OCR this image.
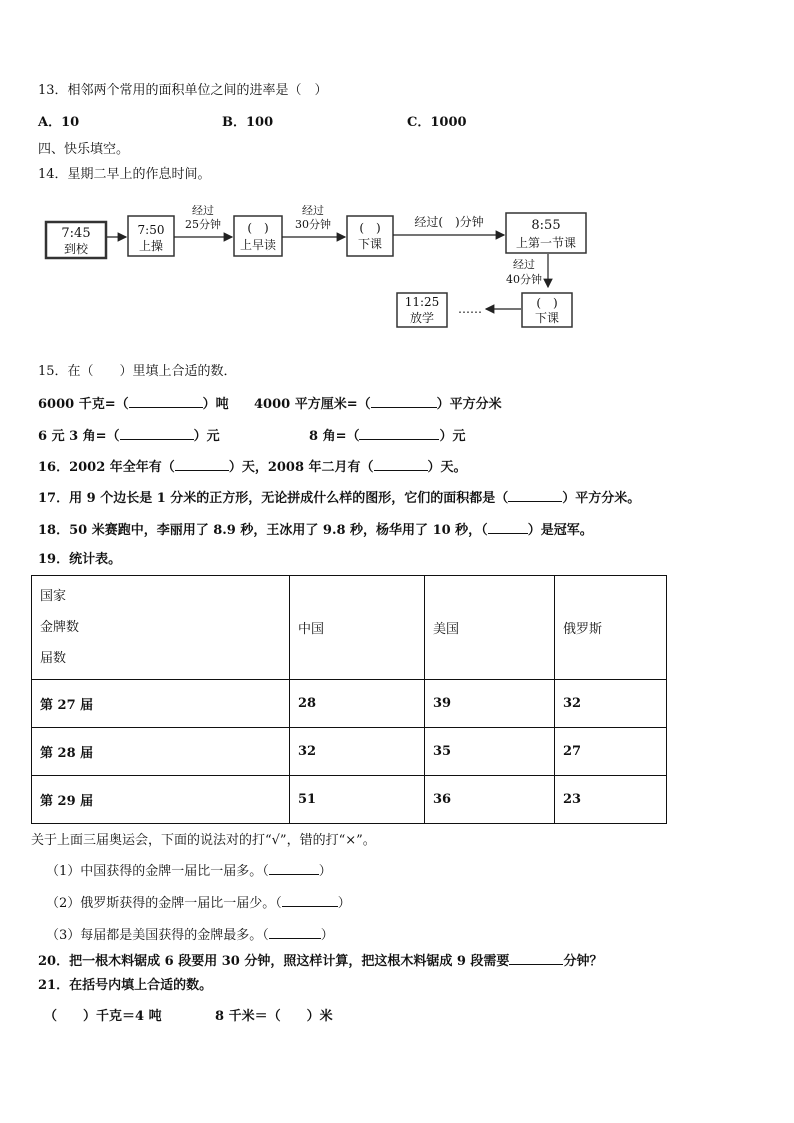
13．相邻两个常用的面积单位之间的进率是（　）
A．10	B．100	C．1000
四、快乐填空。
14．星期二早上的作息时间。
7:45
到校
7:50
上操
经过
25分钟 (　)
上早读
经过
30分钟 (　)
下课
经过(　)分钟	8:55
上第一节课
经过
40分钟
(　)
下课
……
11:25
放学
15．在（　　）里填上合适的数．
6000 千克=（	）吨 4000 平方厘米=（	）平方分米
6 元 3 角=（	）元	8 角=（	）元
16．2002 年全年有（	）天，2008 年二月有（	）天。
17．用 9 个边长是 1 分米的正方形，无论拼成什么样的图形，它们的面积都是（	）平方分米。
18．50 米赛跑中，李丽用了 8.9 秒，王冰用了 9.8 秒，杨华用了 10 秒，（	）是冠军。
19．统计表。
国家
金牌数
届数	中国	美国	俄罗斯
第 27 届	28	39	32
第 28 届	32	35	27
第 29 届	51	36	23
关于上面三届奥运会，下面的说法对的打“√”，错的打“×”。
（1）中国获得的金牌一届比一届多。（	）
（2）俄罗斯获得的金牌一届比一届少。（	）
（3）每届都是美国获得的金牌最多。（	）
20．把一根木料锯成 6 段要用 30 分钟，照这样计算，把这根木料锯成 9 段需要	分钟？
21．在括号内填上合适的数。
（　　）千克＝4 吨	8 千米＝（　　）米
